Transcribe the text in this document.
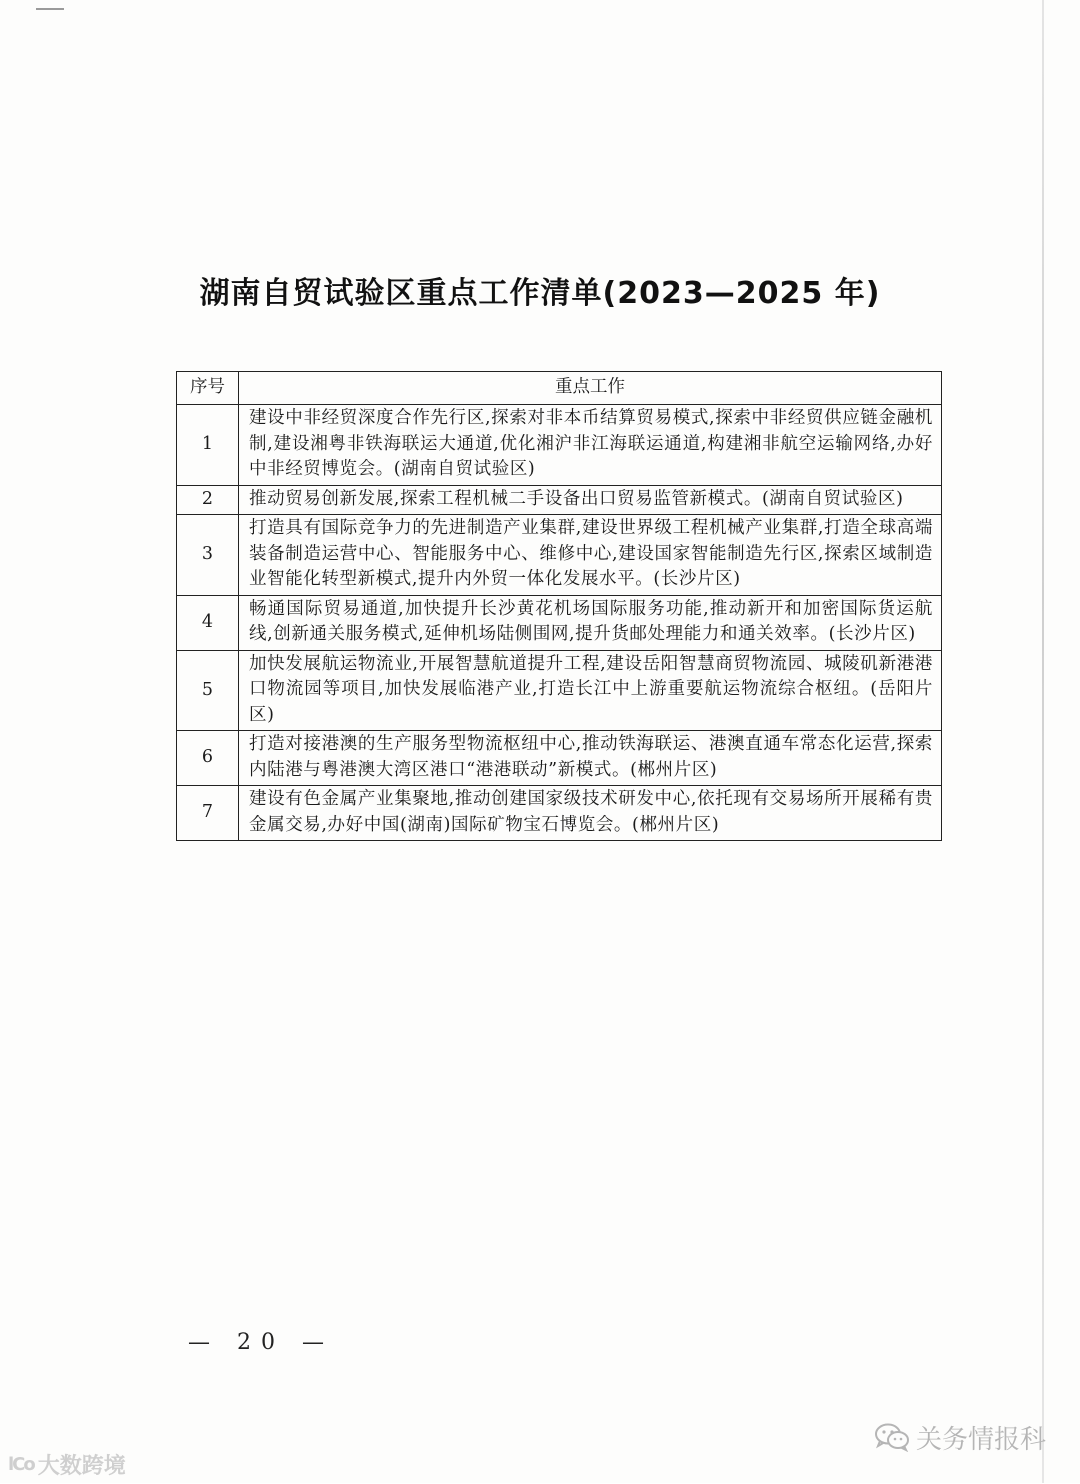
湖南自贸试验区重点工作清单(2023—2025 年)
序号	重点工作
1	建设中非经贸深度合作先行区,探索对非本币结算贸易模式,探索中非经贸供应链金融机制,建设湘粤非铁海联运大通道,优化湘沪非江海联运通道,构建湘非航空运输网络,办好中非经贸博览会。(湖南自贸试验区)
2	推动贸易创新发展,探索工程机械二手设备出口贸易监管新模式。(湖南自贸试验区)
3	打造具有国际竞争力的先进制造产业集群,建设世界级工程机械产业集群,打造全球高端装备制造运营中心、智能服务中心、维修中心,建设国家智能制造先行区,探索区域制造业智能化转型新模式,提升内外贸一体化发展水平。(长沙片区)
4	畅通国际贸易通道,加快提升长沙黄花机场国际服务功能,推动新开和加密国际货运航线,创新通关服务模式,延伸机场陆侧围网,提升货邮处理能力和通关效率。(长沙片区)
5	加快发展航运物流业,开展智慧航道提升工程,建设岳阳智慧商贸物流园、城陵矶新港港口物流园等项目,加快发展临港产业,打造长江中上游重要航运物流综合枢纽。(岳阳片区)
6	打造对接港澳的生产服务型物流枢纽中心,推动铁海联运、港澳直通车常态化运营,探索内陆港与粤港澳大湾区港口“港港联动”新模式。(郴州片区)
7	建设有色金属产业集聚地,推动创建国家级技术研发中心,依托现有交易场所开展稀有贵金属交易,办好中国(湖南)国际矿物宝石博览会。(郴州片区)
— 20 —
lCo 大数跨境
关务情报科
